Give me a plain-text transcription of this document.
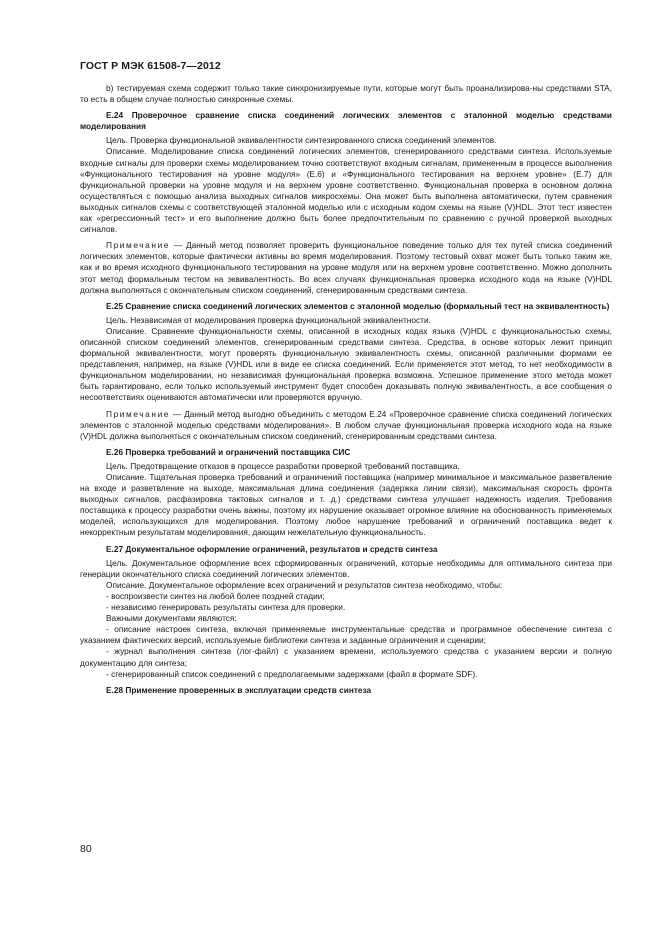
ГОСТ Р МЭК 61508-7—2012

b) тестируемая схема содержит только такие синхронизируемые пути, которые могут быть проанализирова-ны средствами STA, то есть в общем случае полностью синхронные схемы.

Е.24 Проверочное сравнение списка соединений логических элементов с эталонной моделью средствами моделирования

Цель. Проверка функциональной эквивалентности синтезированного списка соединений элементов.

Описание. Моделирование списка соединений логических элементов, сгенерированного средствами синтеза. Используемые входные сигналы для проверки схемы моделированием точно соответствуют входным сигналам, примененным в процессе выполнения «Функционального тестирования на уровне модуля» (Е.6) и «Функционального тестирования на верхнем уровне» (Е.7) для функциональной проверки на уровне модуля и на верхнем уровне соответственно. Функциональная проверка в основном должна осуществляться с помощью анализа выходных сигналов микросхемы. Она может быть выполнена автоматически, путем сравнения выходных сигналов схемы с соответствующей эталонной моделью или с исходным кодом схемы на языке (V)HDL. Этот тест известен как «регрессионный тест» и его выполнение должно быть более предпочтительным по сравнению с ручной проверкой выходных сигналов.

Примечание — Данный метод позволяет проверить функциональное поведение только для тех путей списка соединений логических элементов, которые фактически активны во время моделирования. Поэтому тестовый охват может быть только таким же, как и во время исходного функционального тестирования на уровне модуля или на верхнем уровне соответственно. Можно дополнить этот метод формальным тестом на эквивалентность. Во всех случаях функциональная проверка исходного кода на языке (V)HDL должна выполняться с окончательным списком соединений, сгенерированным средствами синтеза.

Е.25 Сравнение списка соединений логических элементов с эталонной моделью (формальный тест на эквивалентность)

Цель. Независимая от моделирования проверка функциональной эквивалентности.

Описание. Сравнение функциональности схемы, описанной в исходных кодах языка (V)HDL с функциональностью схемы, описанной списком соединений элементов, сгенерированным средствами синтеза. Средства, в основе которых лежит принцип формальной эквивалентности, могут проверять функциональную эквивалентность схемы, описанной различными формами ее представления, например, на языке (V)HDL или в виде ее списка соединений. Если применяется этот метод, то нет необходимости в функциональном моделировании, но независимая функциональная проверка возможна. Успешное применение этого метода может быть гарантировано, если только используемый инструмент будет способен доказывать полную эквивалентность, а все сообщения о несоответствиях оцениваются автоматически или проверяются вручную.

Примечание — Данный метод выгодно объединить с методом Е.24 «Проверочное сравнение списка соединений логических элементов с эталонной моделью средствами моделирования». В любом случае функциональная проверка исходного кода на языке (V)HDL должна выполняться с окончательным списком соединений, сгенерированным средствами синтеза.

Е.26 Проверка требований и ограничений поставщика СИС

Цель. Предотвращение отказов в процессе разработки проверкой требований поставщика.

Описание. Тщательная проверка требований и ограничений поставщика (например минимальное и максимальное разветвление на входе и разветвление на выходе, максимальная длина соединения (задержка линии связи), максимальная скорость фронта выходных сигналов, расфазировка тактовых сигналов и т. д.) средствами синтеза улучшает надежность изделия. Требования поставщика к процессу разработки очень важны, поэтому их нарушение оказывает огромное влияние на обоснованность применяемых моделей, использующихся для моделирования. Поэтому любое нарушение требований и ограничений поставщика ведет к некорректным результатам моделирования, дающим нежелательную функциональность.

Е.27 Документальное оформление ограничений, результатов и средств синтеза

Цель. Документальное оформление всех сформированных ограничений, которые необходимы для оптимального синтеза при генерации окончательного списка соединений логических элементов.

Описание. Документальное оформление всех ограничений и результатов синтеза необходимо, чтобы:

- воспроизвести синтез на любой более поздней стадии;

- независимо генерировать результаты синтеза для проверки.

Важными документами являются:

- описание настроек синтеза, включая применяемые инструментальные средства и программное обеспечение синтеза с указанием фактических версий, используемые библиотеки синтеза и заданные ограничения и сценарии;

- журнал выполнения синтеза (лог-файл) с указанием времени, используемого средства с указанием версии и полную документацию для синтеза;

- сгенерированный список соединений с предполагаемыми задержками (файл в формате SDF).

Е.28 Применение проверенных в эксплуатации средств синтеза

80
